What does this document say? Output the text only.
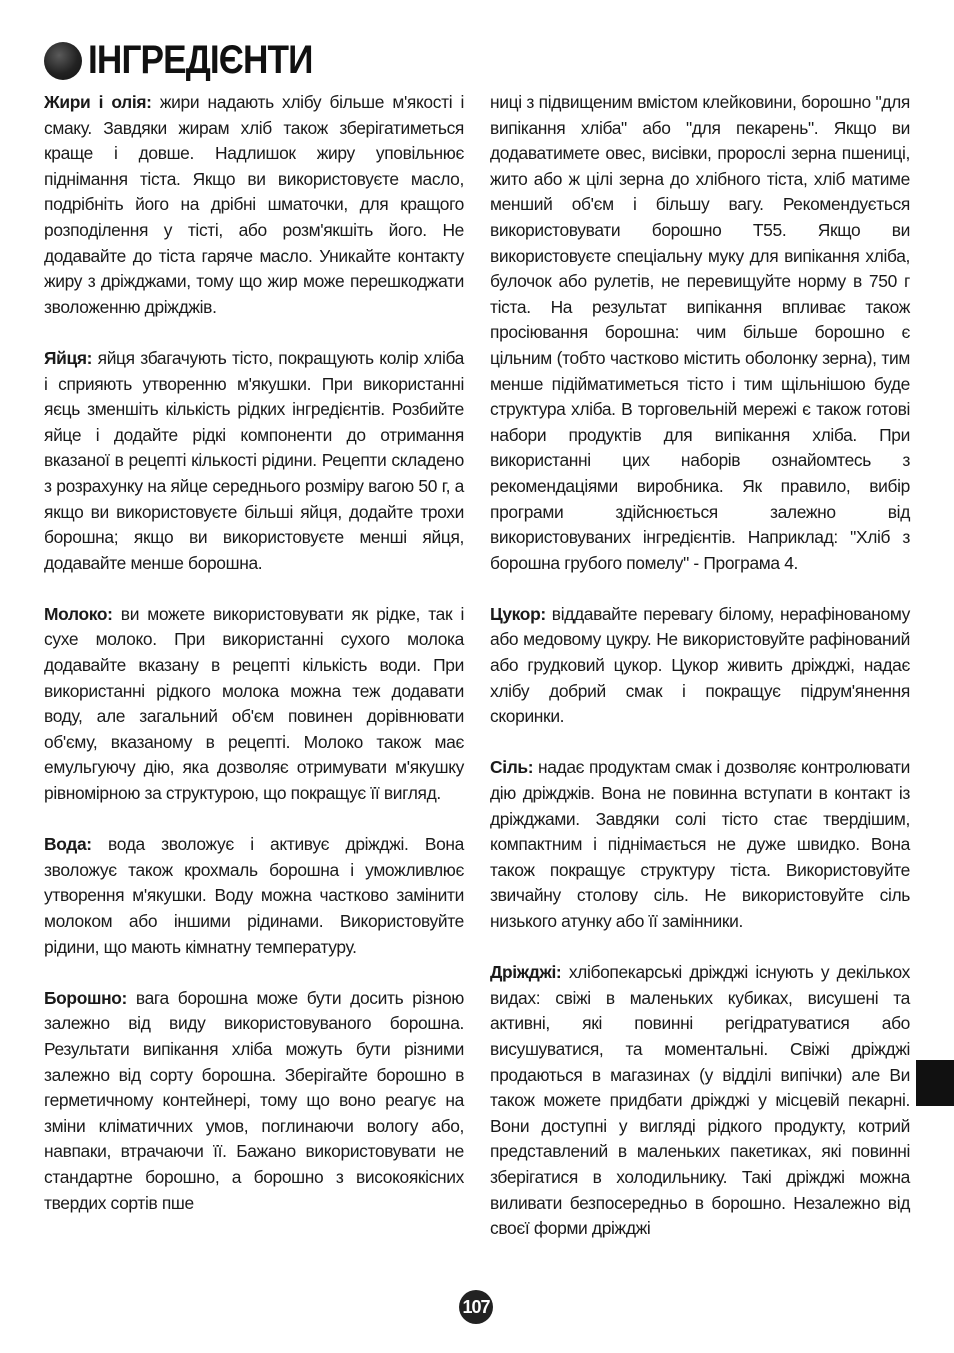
ІНГРЕДІЄНТИ

Жири і олія: жири надають хлібу більше м'якості і смаку. Завдяки жирам хліб також зберігатиметься краще і довше. Надлишок жиру уповільнює піднімання тіста. Якщо ви використовуєте масло, подрібніть його на дрібні шматочки, для кращого розподілення у тісті, або розм'якшіть його. Не додавайте до тіста гаряче масло. Уникайте контакту жиру з дріжджами, тому що жир може перешкоджати зволоженню дріжджів.

Яйця: яйця збагачують тісто, покращують колір хліба і сприяють утворенню м'якушки. При використанні яєць зменшіть кількість рідких інгредієнтів. Розбийте яйце і додайте рідкі компоненти до отримання вказаної в рецепті кількості рідини. Рецепти складено з розрахунку на яйце середнього розміру вагою 50 г, а якщо ви використовуєте більші яйця, додайте трохи борошна; якщо ви використовуєте менші яйця, додавайте менше борошна.

Молоко: ви можете використовувати як рідке, так і сухе молоко. При використанні сухого молока додавайте вказану в рецепті кількість води. При використанні рідкого молока можна теж додавати воду, але загальний об'єм повинен дорівнювати об'єму, вказаному в рецепті. Молоко також має емульгуючу дію, яка дозволяє отримувати м'якушку рівномірною за структурою, що покращує її вигляд.

Вода: вода зволожує і активує дріжджі. Вона зволожує також крохмаль борошна і уможливлює утворення м'якушки. Воду можна частково замінити молоком або іншими рідинами. Використовуйте рідини, що мають кімнатну температуру.

Борошно: вага борошна може бути досить різною залежно від виду використовуваного борошна. Результати випікання хліба можуть бути різними залежно від сорту борошна. Зберігайте борошно в герметичному контейнері, тому що воно реагує на зміни кліматичних умов, поглинаючи вологу або, навпаки, втрачаючи її. Бажано використовувати не стандартне борошно, а борошно з високоякісних твердих сортів пше

ниці з підвищеним вмістом клейковини, борошно "для випікання хліба" або "для пекарень". Якщо ви додаватимете овес, висівки, пророслі зерна пшениці, жито або ж цілі зерна до хлібного тіста, хліб матиме менший об'єм і більшу вагу. Рекомендується використовувати борошно Т55. Якщо ви використовуєте спеціальну муку для випікання хліба, булочок або рулетів, не перевищуйте норму в 750 г тіста. На результат випікання впливає також просіювання борошна: чим більше борошно є цільним (тобто частково містить оболонку зерна), тим менше підійматиметься тісто і тим щільнішою буде структура хліба. В торговельній мережі є також готові набори продуктів для випікання хліба. При використанні цих наборів ознайомтесь з рекомендаціями виробника. Як правило, вибір програми здійснюється залежно від використовуваних інгредієнтів. Наприклад: "Хліб з борошна грубого помелу" - Програма 4.

Цукор: віддавайте перевагу білому, нерафінованому або медовому цукру. Не використовуйте рафінований або грудковий цукор. Цукор живить дріжджі, надає хлібу добрий смак і покращує підрум'янення скоринки.

Сіль: надає продуктам смак і дозволяє контролювати дію дріжджів. Вона не повинна вступати в контакт із дріжджами. Завдяки солі тісто стає твердішим, компактним і піднімається не дуже швидко. Вона також покращує структуру тіста. Використовуйте звичайну столову сіль. Не використовуйте сіль низького атунку або її замінники.

Дріжджі: хлібопекарські дріжджі існують у декількох видах: свіжі в маленьких кубиках, висушені та активні, які повинні регідратуватися або висушуватися, та моментальні. Свіжі дріжджі продаються в магазинах (у відділі випічки) але Ви також можете придбати дріжджі у місцевій пекарні. Вони доступні у вигляді рідкого продукту, котрий представлений в маленьких пакетиках, які повинні зберігатися в холодильнику. Такі дріжджі можна виливати безпосередньо в борошно. Незалежно від своєї форми дріжджі

107
